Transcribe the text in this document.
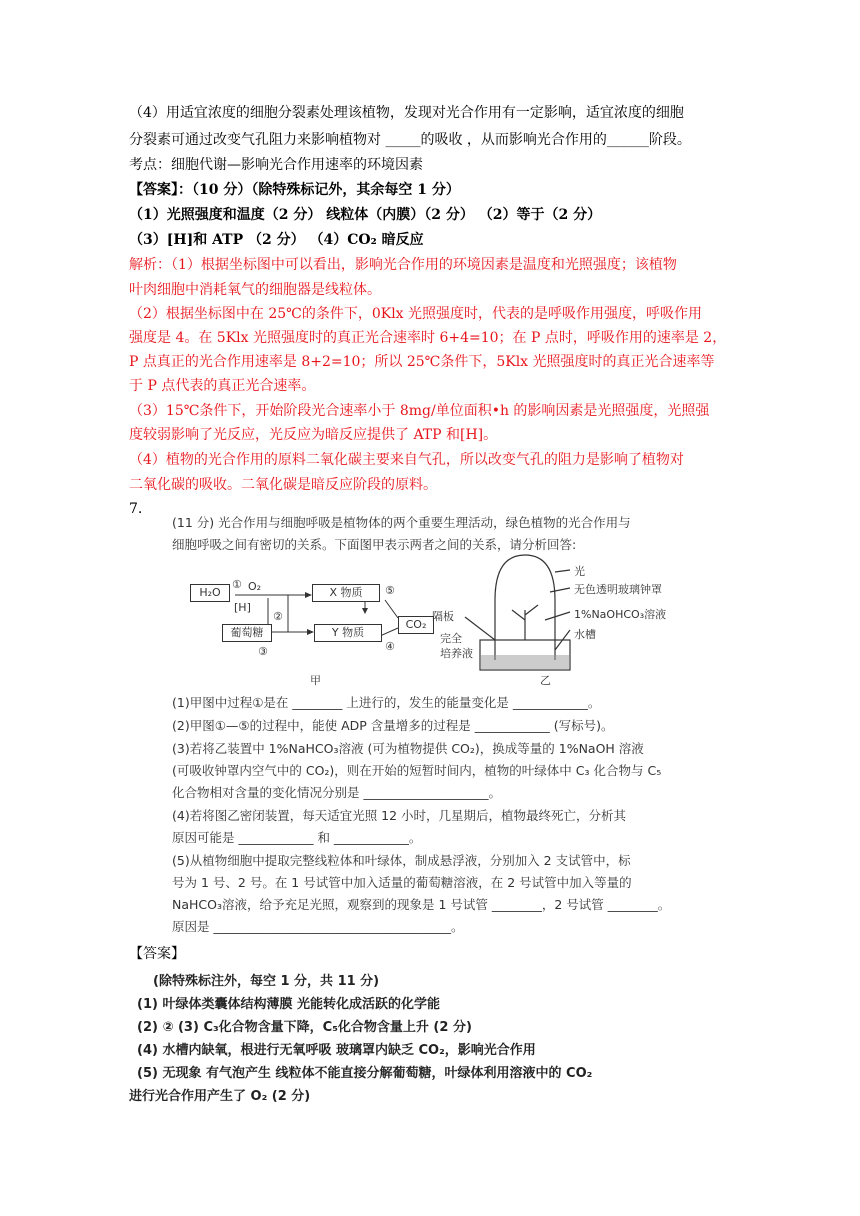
（4）用适宜浓度的细胞分裂素处理该植物，发现对光合作用有一定影响，适宜浓度的细胞
分裂素可通过改变气孔阻力来影响植物对 _____的吸收 ，从而影响光合作用的______阶段。
考点：细胞代谢—影响光合作用速率的环境因素
【答案】：（10 分）（除特殊标记外，其余每空 1 分）
（1）光照强度和温度（2 分） 线粒体（内膜）（2 分） （2）等于（2 分）
（3）[H]和 ATP （2 分） （4）CO₂ 暗反应
解析：（1）根据坐标图中可以看出，影响光合作用的环境因素是温度和光照强度；该植物
叶肉细胞中消耗氧气的细胞器是线粒体。
（2）根据坐标图中在 25℃的条件下，0Klx 光照强度时，代表的是呼吸作用强度，呼吸作用
强度是 4。在 5Klx 光照强度时的真正光合速率时 6+4=10；在 P 点时，呼吸作用的速率是 2，
P 点真正的光合作用速率是 8+2=10；所以 25℃条件下，5Klx 光照强度时的真正光合速率等
于 P 点代表的真正光合速率。
（3）15℃条件下，开始阶段光合速率小于 8mg/单位面积•h 的影响因素是光照强度，光照强
度较弱影响了光反应，光反应为暗反应提供了 ATP 和[H]。
（4）植物的光合作用的原料二氧化碳主要来自气孔，所以改变气孔的阻力是影响了植物对
二氧化碳的吸收。二氧化碳是暗反应阶段的原料。
7.
(11 分) 光合作用与细胞呼吸是植物体的两个重要生理活动，绿色植物的光合作用与
细胞呼吸之间有密切的关系。下面图甲表示两者之间的关系，请分析回答:
H₂O
① O₂
[H]
②
X 物质	⑤
CO₂
葡萄糖	Y 物质
③	④
光
无色透明玻璃钟罩
隔板	1%NaOHCO₃溶液
完全	水槽
培养液
甲	乙
(1)甲图中过程①是在 ________ 上进行的，发生的能量变化是 ____________。
(2)甲图①—⑤的过程中，能使 ADP 含量增多的过程是 ____________ (写标号)。
(3)若将乙装置中 1%NaHCO₃溶液 (可为植物提供 CO₂)，换成等量的 1%NaOH 溶液
(可吸收钟罩内空气中的 CO₂)，则在开始的短暂时间内，植物的叶绿体中 C₃ 化合物与 C₅
化合物相对含量的变化情况分别是 ____________________。
(4)若将图乙密闭装置，每天适宜光照 12 小时，几星期后，植物最终死亡，分析其
原因可能是 ____________ 和 ____________。
(5)从植物细胞中提取完整线粒体和叶绿体，制成悬浮液，分别加入 2 支试管中，标
号为 1 号、2 号。在 1 号试管中加入适量的葡萄糖溶液，在 2 号试管中加入等量的
NaHCO₃溶液，给予充足光照，观察到的现象是 1 号试管 ________，2 号试管 ________。
原因是 ______________________________________。
【答案】
(除特殊标注外，每空 1 分，共 11 分)
(1) 叶绿体类囊体结构薄膜 光能转化成活跃的化学能
(2) ② (3) C₃化合物含量下降，C₅化合物含量上升 (2 分)
(4) 水槽内缺氧，根进行无氧呼吸 玻璃罩内缺乏 CO₂，影响光合作用
(5) 无现象 有气泡产生 线粒体不能直接分解葡萄糖，叶绿体利用溶液中的 CO₂
进行光合作用产生了 O₂ (2 分)
